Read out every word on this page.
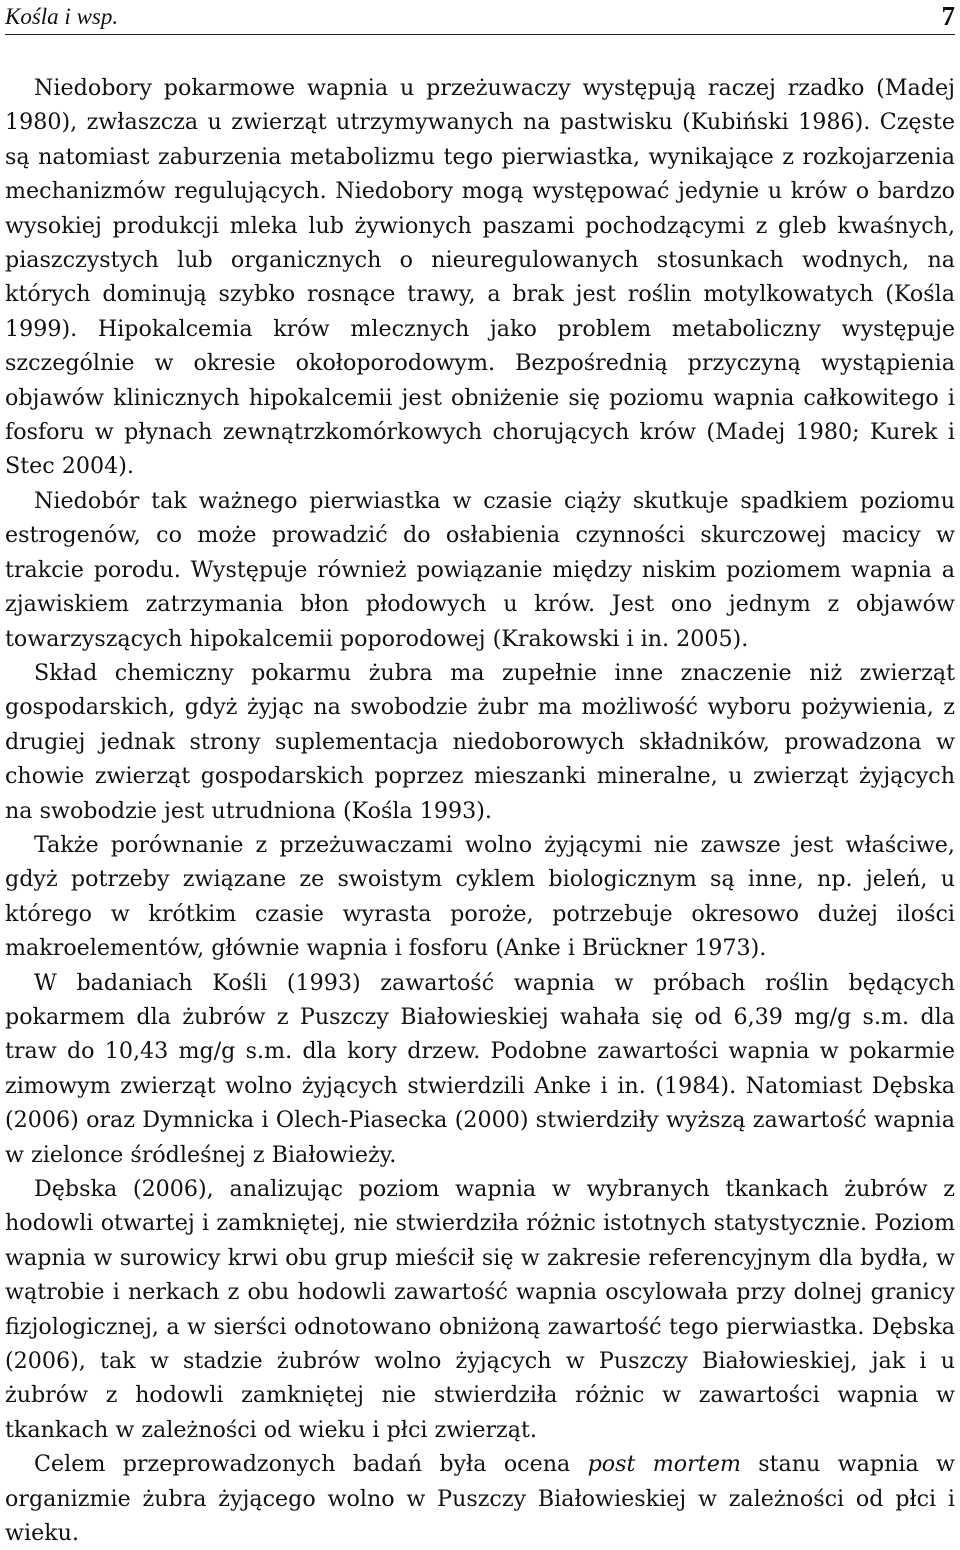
Kośla i wsp.	7

Niedobory pokarmowe wapnia u przeżuwaczy występują raczej rzadko (Madej 1980), zwłaszcza u zwierząt utrzymywanych na pastwisku (Kubiński 1986). Częste są natomiast zaburzenia metabolizmu tego pierwiastka, wynikające z rozkojarzenia mechanizmów regulujących. Niedobory mogą występować jedynie u krów o bardzo wysokiej produkcji mleka lub żywionych paszami pochodzącymi z gleb kwaśnych, piaszczystych lub organicznych o nieuregulowanych stosunkach wodnych, na których dominują szybko rosnące trawy, a brak jest roślin motylkowatych (Kośla 1999). Hipokalcemia krów mlecznych jako problem metaboliczny występuje szczególnie w okresie okołoporodowym. Bezpośrednią przyczyną wystąpienia objawów klinicznych hipokalcemii jest obniżenie się poziomu wapnia całkowitego i fosforu w płynach zewnątrzkomórkowych chorujących krów (Madej 1980; Kurek i Stec 2004).

Niedobór tak ważnego pierwiastka w czasie ciąży skutkuje spadkiem poziomu estrogenów, co może prowadzić do osłabienia czynności skurczowej macicy w trakcie porodu. Występuje również powiązanie między niskim poziomem wapnia a zjawiskiem zatrzymania błon płodowych u krów. Jest ono jednym z objawów towarzyszących hipokalcemii poporodowej (Krakowski i in. 2005).

Skład chemiczny pokarmu żubra ma zupełnie inne znaczenie niż zwierząt gospodarskich, gdyż żyjąc na swobodzie żubr ma możliwość wyboru pożywienia, z drugiej jednak strony suplementacja niedoborowych składników, prowadzona w chowie zwierząt gospodarskich poprzez mieszanki mineralne, u zwierząt żyjących na swobodzie jest utrudniona (Kośla 1993).

Także porównanie z przeżuwaczami wolno żyjącymi nie zawsze jest właściwe, gdyż potrzeby związane ze swoistym cyklem biologicznym są inne, np. jeleń, u którego w krótkim czasie wyrasta poroże, potrzebuje okresowo dużej ilości makroelementów, głównie wapnia i fosforu (Anke i Brückner 1973).

W badaniach Kośli (1993) zawartość wapnia w próbach roślin będących pokarmem dla żubrów z Puszczy Białowieskiej wahała się od 6,39 mg/g s.m. dla traw do 10,43 mg/g s.m. dla kory drzew. Podobne zawartości wapnia w pokarmie zimowym zwierząt wolno żyjących stwierdzili Anke i in. (1984). Natomiast Dębska (2006) oraz Dymnicka i Olech-Piasecka (2000) stwierdziły wyższą zawartość wapnia w zielonce śródleśnej z Białowieży.

Dębska (2006), analizując poziom wapnia w wybranych tkankach żubrów z hodowli otwartej i zamkniętej, nie stwierdziła różnic istotnych statystycznie. Poziom wapnia w surowicy krwi obu grup mieścił się w zakresie referencyjnym dla bydła, w wątrobie i nerkach z obu hodowli zawartość wapnia oscylowała przy dolnej granicy fizjologicznej, a w sierści odnotowano obniżoną zawartość tego pierwiastka. Dębska (2006), tak w stadzie żubrów wolno żyjących w Puszczy Białowieskiej, jak i u żubrów z hodowli zamkniętej nie stwierdziła różnic w zawartości wapnia w tkankach w zależności od wieku i płci zwierząt.

Celem przeprowadzonych badań była ocena post mortem stanu wapnia w organizmie żubra żyjącego wolno w Puszczy Białowieskiej w zależności od płci i wieku.
